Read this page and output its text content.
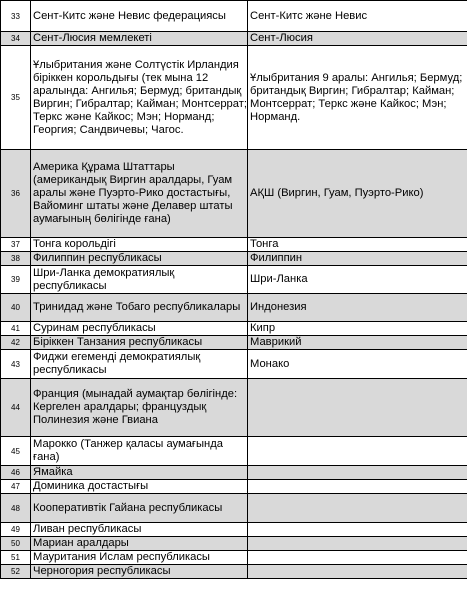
33	Сент-Китс және Невис федерациясы	Сент-Китс және Невис
34	Сент-Люсия мемлекеті	Сент-Люсия
35	Ұлыбритания және Солтүстік Ирландия біріккен корольдығы (тек мына 12 аралында: Ангилья; Бермуд; британдық Виргин; Гибралтар; Кайман; Монтсеррат; Теркс және Кайкос; Мэн; Норманд; Георгия; Сандвичевы; Чагос.	Ұлыбритания 9 аралы: Ангилья; Бермуд; британдық Виргин; Гибралтар; Кайман; Монтсеррат; Теркс және Кайкос; Мэн; Норманд.
36	Америка Құрама Штаттары (американдық Виргин аралдары, Гуам аралы және Пуэрто-Рико достастығы, Вайоминг штаты және Делавер штаты аумағының бөлігінде ғана)	АҚШ (Виргин, Гуам, Пуэрто-Рико)
37	Тонга корольдігі	Тонга
38	Филиппин республикасы	Филиппин
39	Шри-Ланка демократиялық республикасы	Шри-Ланка
40	Тринидад және Тобаго республикалары	Индонезия
41	Суринам республикасы	Кипр
42	Біріккен Танзания республикасы	Маврикий
43	Фиджи егеменді демократиялық республикасы	Монако
44	Франция (мынадай аумақтар бөлігінде: Кергелен аралдары; француздық Полинезия және Гвиана	
45	Марокко (Танжер қаласы аумағында ғана)	
46	Ямайка	
47	Доминика достастығы	
48	Кооперативтік Гайана республикасы	
49	Ливан республикасы	
50	Мариан аралдары	
51	Мауритания Ислам республикасы	
52	Черногория республикасы	
